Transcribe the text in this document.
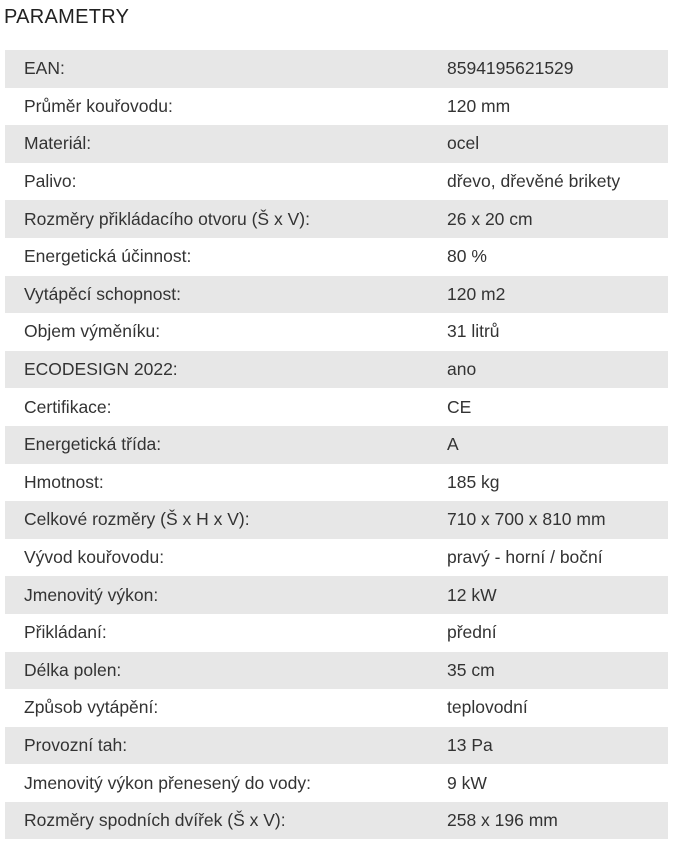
PARAMETRY
EAN:	8594195621529
Průměr kouřovodu:	120 mm
Materiál:	ocel
Palivo:	dřevo, dřevěné brikety
Rozměry přikládacího otvoru (Š x V):	26 x 20 cm
Energetická účinnost:	80 %
Vytápěcí schopnost:	120 m2
Objem výměníku:	31 litrů
ECODESIGN 2022:	ano
Certifikace:	CE
Energetická třída:	A
Hmotnost:	185 kg
Celkové rozměry (Š x H x V):	710 x 700 x 810 mm
Vývod kouřovodu:	pravý - horní / boční
Jmenovitý výkon:	12 kW
Přikládaní:	přední
Délka polen:	35 cm
Způsob vytápění:	teplovodní
Provozní tah:	13 Pa
Jmenovitý výkon přenesený do vody:	9 kW
Rozměry spodních dvířek (Š x V):	258 x 196 mm
